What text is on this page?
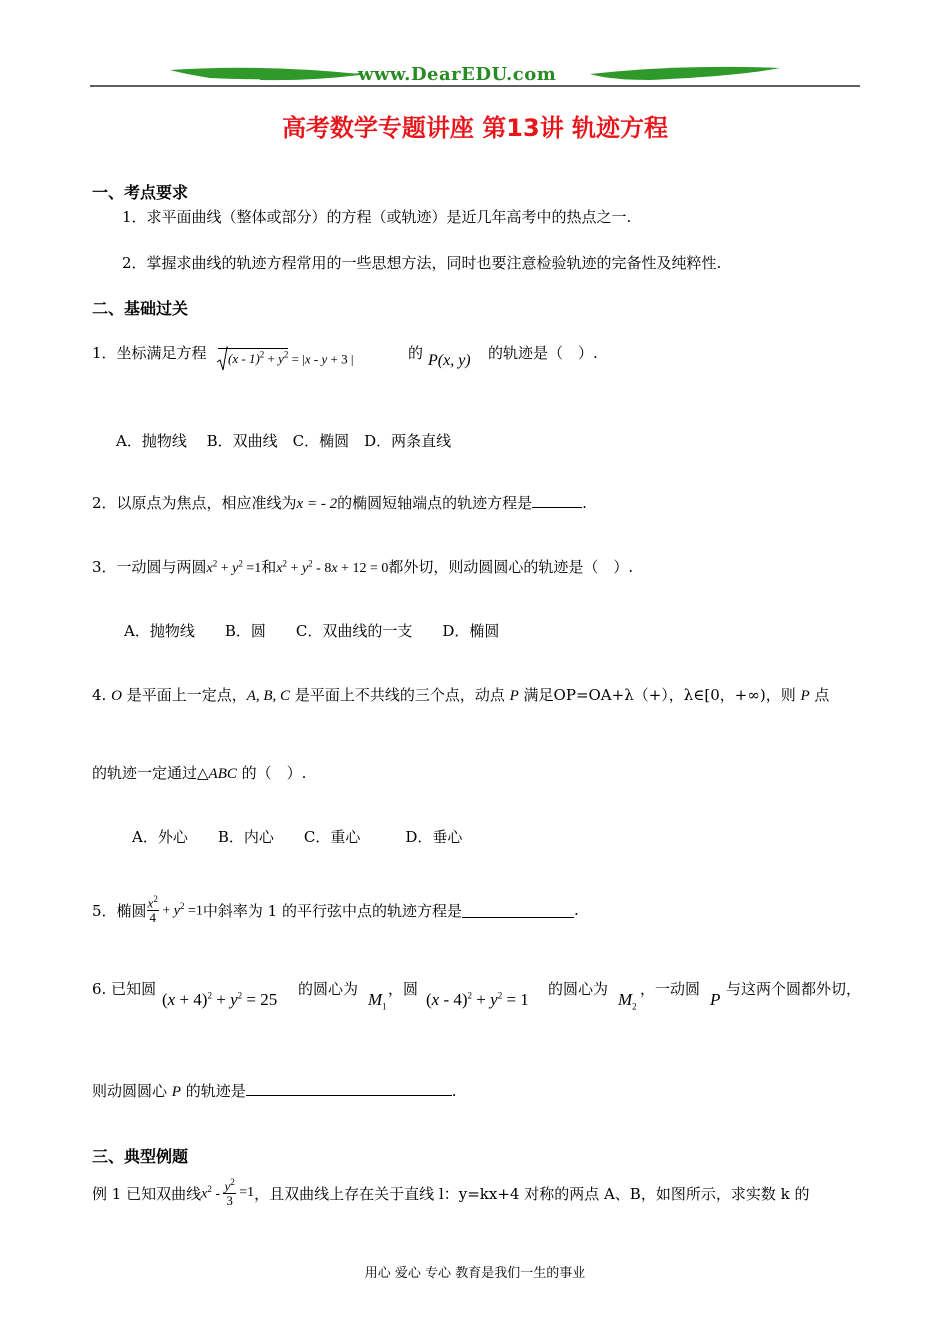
www.DearEDU.com
高考数学专题讲座 第13讲 轨迹方程
一、考点要求
1．求平面曲线（整体或部分）的方程（或轨迹）是近几年高考中的热点之一.
2．掌握求曲线的轨迹方程常用的一些思想方法，同时也要注意检验轨迹的完备性及纯粹性.
二、基础过关
1．坐标满足方程	$(x - 1)^2 + y^2 = |x - y + 3$ |	的 P(x, y) 的轨迹是（　）.
A．抛物线　 B．双曲线　C．椭圆　D．两条直线
2．以原点为焦点，相应准线为x = - 2的椭圆短轴端点的轨迹方程是	.
3．一动圆与两圆$x^2 + y^2 =1$和$x^2 + y^2 - 8x + 12 = 0$都外切，则动圆圆心的轨迹是（　）.
A．抛物线　　B．圆　　C．双曲线的一支　　D．椭圆
4. O 是平面上一定点，A, B, C 是平面上不共线的三个点，动点 P 满足OP=OA+λ（+），λ∈[0，+∞)，则 P 点
的轨迹一定通过△ABC 的（　）.
A．外心　　B．内心　　C．重心　　　D．垂心
5．椭圆 $\frac{x^2}{4} + y^2 =1$ 中斜率为 1 的平行弦中点的轨迹方程是	.
6. 已知圆
$(x + 4)^2 + y^2 = 25$
的圆心为
$M_1$
，圆
$(x - 4)^2 + y^2 = 1$
的圆心为
$M_2$
，一动圆
P
与这两个圆都外切，
则动圆圆心 P 的轨迹是	.
三、典型例题
例 1 已知双曲线 $x^2 - \frac{y^2}{3} =1$ ，且双曲线上存在关于直线 l：y=kx+4 对称的两点 A、B，如图所示，求实数 k 的
用心 爱心 专心 教育是我们一生的事业
